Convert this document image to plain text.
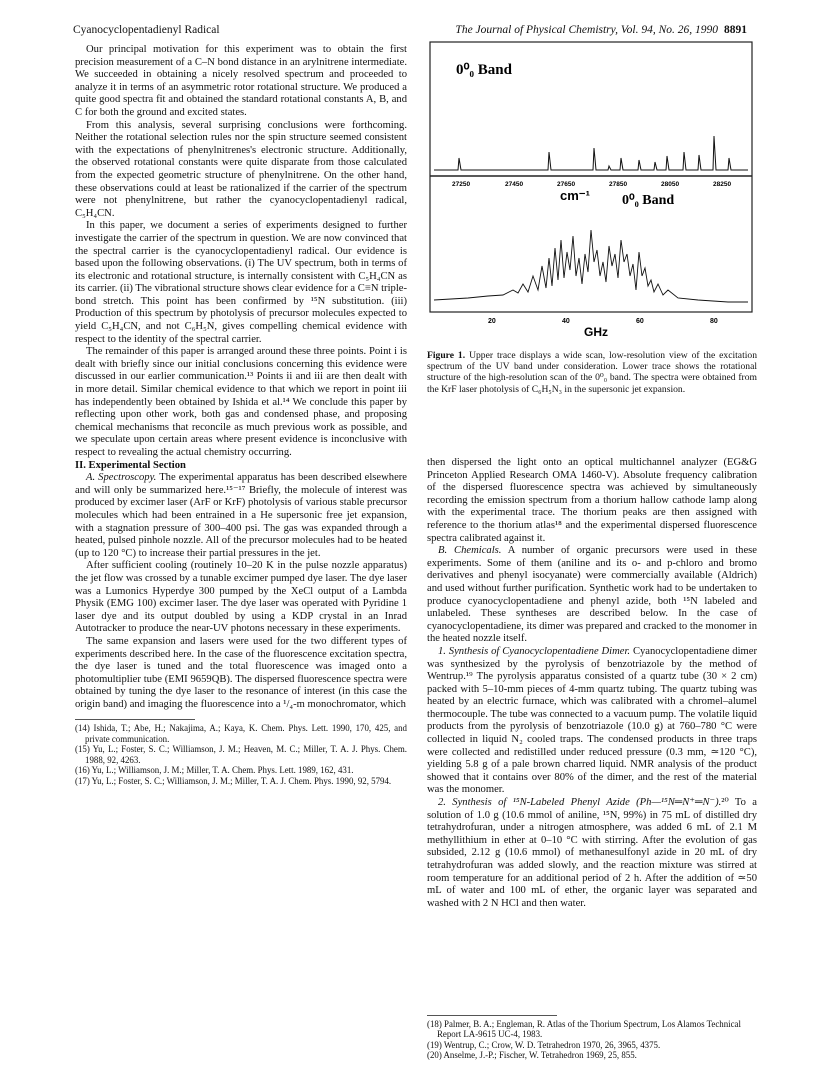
Cyanocyclopentadienyl Radical	The Journal of Physical Chemistry, Vol. 94, No. 26, 1990 8891

Our principal motivation for this experiment was to obtain the first precision measurement of a C–N bond distance in an arylnitrene intermediate. We succeeded in obtaining a nicely resolved spectrum and proceeded to analyze it in terms of an asymmetric rotor rotational structure. We produced a quite good spectra fit and obtained the standard rotational constants A, B, and C for both the ground and excited states.

From this analysis, several surprising conclusions were forthcoming. Neither the rotational selection rules nor the spin structure seemed consistent with the expectations of phenylnitrenes's electronic structure. Additionally, the observed rotational constants were quite disparate from those calculated from the expected geometric structure of phenylnitrene. On the other hand, these observations could at least be rationalized if the carrier of the spectrum were not phenylnitrene, but rather the cyanocyclopentadienyl radical, C₅H₄CN.

In this paper, we document a series of experiments designed to further investigate the carrier of the spectrum in question. We are now convinced that the spectral carrier is the cyanocyclopentadienyl radical. Our evidence is based upon the following observations. (i) The UV spectrum, both in terms of its electronic and rotational structure, is internally consistent with C₅H₄CN as its carrier. (ii) The vibrational structure shows clear evidence for a C≡N triple-bond stretch. This point has been confirmed by ¹⁵N substitution. (iii) Production of this spectrum by photolysis of precursor molecules expected to yield C₅H₄CN, and not C₆H₅N, gives compelling chemical evidence with respect to the identity of the spectral carrier.

The remainder of this paper is arranged around these three points. Point i is dealt with briefly since our initial conclusions concerning this evidence were discussed in our earlier communication.¹³ Points ii and iii are then dealt with in more detail. Similar chemical evidence to that which we report in point iii has independently been obtained by Ishida et al.¹⁴ We conclude this paper by reflecting upon other work, both gas and condensed phase, and proposing chemical mechanisms that reconcile as much previous work as possible, and we speculate upon certain areas where present evidence is inconclusive with respect to revealing the actual chemistry occurring.

II. Experimental Section

A. Spectroscopy. The experimental apparatus has been described elsewhere and will only be summarized here.¹⁵⁻¹⁷ Briefly, the molecule of interest was produced by excimer laser (ArF or KrF) photolysis of various stable precursor molecules which had been entrained in a He supersonic free jet expansion, with a stagnation pressure of 300–400 psi. The gas was expanded through a heated, pulsed pinhole nozzle. All of the precursor molecules had to be heated (up to 120 °C) to increase their partial pressures in the jet.

After sufficient cooling (routinely 10–20 K in the pulse nozzle apparatus) the jet flow was crossed by a tunable excimer pumped dye laser. The dye laser was a Lumonics Hyperdye 300 pumped by the XeCl output of a Lambda Physik (EMG 100) excimer laser. The dye laser was operated with Pyridine 1 laser dye and its output doubled by using a KDP crystal in an Inrad Autotracker to produce the near-UV photons necessary in these experiments.

The same expansion and lasers were used for the two different types of experiments described here. In the case of the fluorescence excitation spectra, the dye laser is tuned and the total fluorescence was imaged onto a photomultiplier tube (EMI 9659QB). The dispersed fluorescence spectra were obtained by tuning the dye laser to the resonance of interest (in this case the origin band) and imaging the fluorescence into a ¹/₄-m monochromator, which

(14) Ishida, T.; Abe, H.; Nakajima, A.; Kaya, K. Chem. Phys. Lett. 1990, 170, 425, and private communication.
(15) Yu, L.; Foster, S. C.; Williamson, J. M.; Heaven, M. C.; Miller, T. A. J. Phys. Chem. 1988, 92, 4263.
(16) Yu, L.; Williamson, J. M.; Miller, T. A. Chem. Phys. Lett. 1989, 162, 431.
(17) Yu, L.; Foster, S. C.; Williamson, J. M.; Miller, T. A. J. Chem. Phys. 1990, 92, 5794.
0⁰₀ Band
27250	27450	27650	27850	28050	28250
cm⁻¹ 0⁰₀ Band
20	40	60	80
GHz
Figure 1. Upper trace displays a wide scan, low-resolution view of the excitation spectrum of the UV band under consideration. Lower trace shows the rotational structure of the high-resolution scan of the 0⁰₀ band. The spectra were obtained from the KrF laser photolysis of C₆H₅N₃ in the supersonic jet expansion.

then dispersed the light onto an optical multichannel analyzer (EG&G Princeton Applied Research OMA 1460-V). Absolute frequency calibration of the dispersed fluorescence spectra was achieved by simultaneously recording the emission spectrum from a thorium hallow cathode lamp along with the experimental trace. The thorium peaks are then assigned with reference to the thorium atlas¹⁸ and the experimental dispersed fluorescence spectra calibrated against it.

B. Chemicals. A number of organic precursors were used in these experiments. Some of them (aniline and its o- and p-chloro and bromo derivatives and phenyl isocyanate) were commercially available (Aldrich) and used without further purification. Synthetic work had to be undertaken to produce cyanocyclopentadiene and phenyl azide, both ¹⁵N labeled and unlabeled. These syntheses are described below. In the case of cyanocyclopentadiene, its dimer was prepared and cracked to the monomer in the heated nozzle itself.

1. Synthesis of Cyanocyclopentadiene Dimer. Cyanocyclopentadiene dimer was synthesized by the pyrolysis of benzotriazole by the method of Wentrup.¹⁹ The pyrolysis apparatus consisted of a quartz tube (30 × 2 cm) packed with 5–10-mm pieces of 4-mm quartz tubing. The quartz tubing was heated by an electric furnace, which was calibrated with a chromel–alumel thermocouple. The tube was connected to a vacuum pump. The volatile liquid products from the pyrolysis of benzotriazole (10.0 g) at 760–780 °C were collected in liquid N₂ cooled traps. The condensed products in three traps were collected and redistilled under reduced pressure (0.3 mm, ≃120 °C), yielding 5.8 g of a pale brown charred liquid. NMR analysis of the product showed that it contains over 80% of the dimer, and the rest of the material was the monomer.

2. Synthesis of ¹⁵N-Labeled Phenyl Azide (Ph—¹⁵N═N⁺═N⁻).²⁰ To a solution of 1.0 g (10.6 mmol of aniline, ¹⁵N, 99%) in 75 mL of distilled dry tetrahydrofuran, under a nitrogen atmosphere, was added 6 mL of 2.1 M methyllithium in ether at 0–10 °C with stirring. After the evolution of gas subsided, 2.12 g (10.6 mmol) of methanesulfonyl azide in 20 mL of dry tetrahydrofuran was added slowly, and the reaction mixture was stirred at room temperature for an additional period of 2 h. After the addition of ≃50 mL of water and 100 mL of ether, the organic layer was separated and washed with 2 N HCl and then water.

(18) Palmer, B. A.; Engleman, R. Atlas of the Thorium Spectrum, Los Alamos Technical Report LA-9615 UC-4, 1983.
(19) Wentrup, C.; Crow, W. D. Tetrahedron 1970, 26, 3965, 4375.
(20) Anselme, J.-P.; Fischer, W. Tetrahedron 1969, 25, 855.
